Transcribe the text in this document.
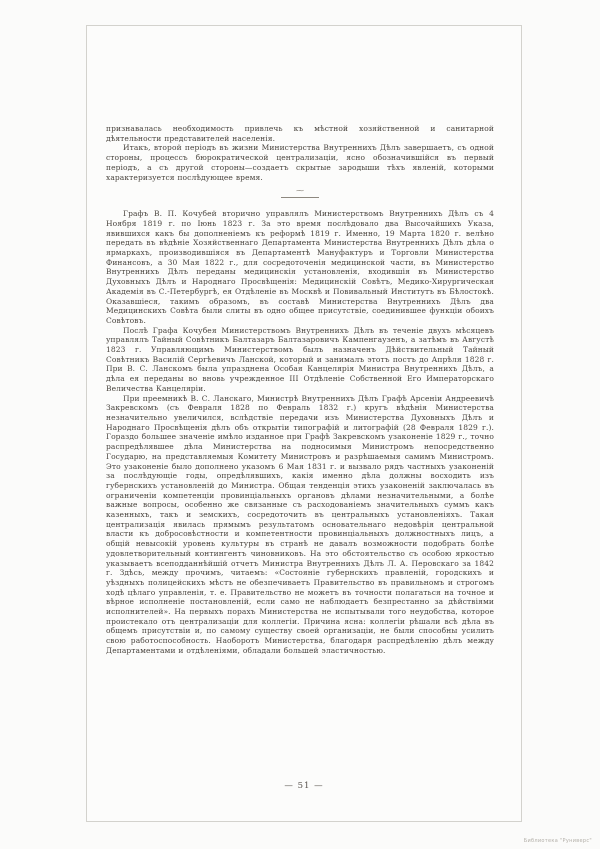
признавалась необходимость привлечь къ мѣстной хозяйственной и санитарной дѣятельности представителей населенія.

Итакъ, второй періодъ въ жизни Министерства Внутреннихъ Дѣлъ завершаетъ, съ одной стороны, процессъ бюрократической централизаціи, ясно обозначившійся въ первый періодъ, а съ другой стороны—создаетъ скрытые зародыши тѣхъ явленій, которыми характеризуется послѣдующее время.

⁓

Графъ В. П. Кочубей вторично управлялъ Министерствомъ Внутреннихъ Дѣлъ съ 4 Ноября 1819 г. по Іюнь 1823 г. За это время послѣдовало два Высочайшихъ Указа, явившихся какъ бы дополненіемъ къ реформѣ 1819 г. Именно, 19 Марта 1820 г. велѣно передать въ вѣдѣніе Хозяйственнаго Департамента Министерства Внутреннихъ Дѣлъ дѣла о ярмаркахъ, производившіяся въ Департаментѣ Мануфактуръ и Торговли Министерства Финансовъ, а 30 Мая 1822 г., для сосредоточенія медицинской части, въ Министерство Внутреннихъ Дѣлъ переданы медицинскія установленія, входившія въ Министерство Духовныхъ Дѣлъ и Народнаго Просвѣщенія: Медицинскій Совѣтъ, Медико-Хирургическая Академія въ С.-Петербургѣ, ея Отдѣленіе въ Москвѣ и Повивальный Институтъ въ Бѣлостокѣ. Оказавшіеся, такимъ образомъ, въ составѣ Министерства Внутреннихъ Дѣлъ два Медицинскихъ Совѣта были слиты въ одно общее присутствіе, соединившее функціи обоихъ Совѣтовъ.

Послѣ Графа Кочубея Министерствомъ Внутреннихъ Дѣлъ въ теченіе двухъ мѣсяцевъ управлялъ Тайный Совѣтникъ Балтазаръ Балтазаровичъ Кампенгаузенъ, а затѣмъ въ Августѣ 1823 г. Управляющимъ Министерствомъ былъ назначенъ Дѣйствительный Тайный Совѣтникъ Василій Сергѣевичъ Ланской, который и занималъ этотъ постъ до Апрѣля 1828 г. При В. С. Ланскомъ была упразднена Особая Канцелярія Министра Внутреннихъ Дѣлъ, а дѣла ея переданы во вновь учрежденное III Отдѣленіе Собственной Его Императорскаго Величества Канцеляріи.

При преемникѣ В. С. Ланскаго, Министрѣ Внутреннихъ Дѣлъ Графѣ Арсеніи Андреевичѣ Закревскомъ (съ Февраля 1828 по Февраль 1832 г.) кругъ вѣдѣнія Министерства незначительно увеличился, вслѣдствіе передачи изъ Министерства Духовныхъ Дѣлъ и Народнаго Просвѣщенія дѣлъ объ открытіи типографій и литографій (28 Февраля 1829 г.). Гораздо большее значеніе имѣло изданное при Графѣ Закревскомъ узаконеніе 1829 г., точно распредѣлявшее дѣла Министерства на подносимыя Министромъ непосредственно Государю, на представляемыя Комитету Министровъ и разрѣшаемыя самимъ Министромъ. Это узаконеніе было дополнено указомъ 6 Мая 1831 г. и вызвало рядъ частныхъ узаконеній за послѣдующіе годы, опредѣлявшихъ, какія именно дѣла должны восходить изъ губернскихъ установленій до Министра. Общая тенденція этихъ узаконеній заключалась въ ограниченіи компетенціи провинціальныхъ органовъ дѣлами незначительными, а болѣе важные вопросы, особенно же связанные съ расходованіемъ значительныхъ суммъ какъ казенныхъ, такъ и земскихъ, сосредоточить въ центральныхъ установленіяхъ. Такая централизація явилась прямымъ результатомъ основательнаго недовѣрія центральной власти къ добросовѣстности и компетентности провинціальныхъ должностныхъ лицъ, а общій невысокій уровень культуры въ странѣ не давалъ возможности подобрать болѣе удовлетворительный контингентъ чиновниковъ. На это обстоятельство съ особою яркостью указываетъ всеподданнѣйшій отчетъ Министра Внутреннихъ Дѣлъ Л. А. Перовскаго за 1842 г. Здѣсь, между прочимъ, читаемъ: «Состояніе губернскихъ правленій, городскихъ и уѣздныхъ полицейскихъ мѣстъ не обезпечиваетъ Правительство въ правильномъ и строгомъ ходѣ цѣлаго управленія, т. е. Правительство не можетъ въ точности полагаться на точное и вѣрное исполненіе постановленій, если само не наблюдаетъ безпрестанно за дѣйствіями исполнителей». На первыхъ порахъ Министерства не испытывали того неудобства, которое проистекало отъ централизаціи для коллегіи. Причина ясна: коллегіи рѣшали всѣ дѣла въ общемъ присутствіи и, по самому существу своей организаціи, не были способны усилить свою работоспособность. Наоборотъ Министерства, благодаря распредѣленію дѣлъ между Департаментами и отдѣленіями, обладали большей эластичностью.

— 51 —
Библиотека "Руниверс"
